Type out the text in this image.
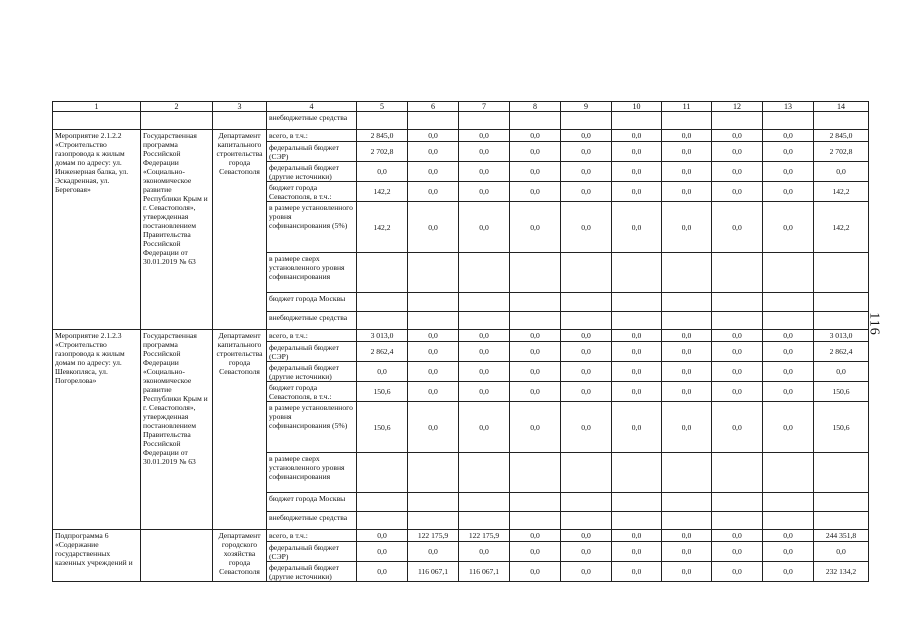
1	2	3	4	5	6	7	8	9	10	11	12	13	14
			внебюджетные средства										
Мероприятие 2.1.2.2 «Строительство газопровода к жилым домам по адресу: ул. Инженерная балка, ул. Эскадренная, ул. Береговая»	Государственная программа Российской Федерации «Социально-экономическое развитие Республики Крым и г. Севастополя», утвержденная постановлением Правительства Российской Федерации от 30.01.2019 № 63	Департамент капитального строительства города Севастополя	всего, в т.ч.:	2 845,0	0,0	0,0	0,0	0,0	0,0	0,0	0,0	0,0	2 845,0
			федеральный бюджет (СЭР)	2 702,8	0,0	0,0	0,0	0,0	0,0	0,0	0,0	0,0	2 702,8
			федеральный бюджет (другие источники)	0,0	0,0	0,0	0,0	0,0	0,0	0,0	0,0	0,0	0,0
			бюджет города Севастополя, в т.ч.:	142,2	0,0	0,0	0,0	0,0	0,0	0,0	0,0	0,0	142,2
			в размере установленного уровня софинансирования (5%)	142,2	0,0	0,0	0,0	0,0	0,0	0,0	0,0	0,0	142,2
			в размере сверх установленного уровня софинансирования										
			бюджет города Москвы										
			внебюджетные средства										
Мероприятие 2.1.2.3 «Строительство газопровода к жилым домам по адресу: ул. Шевкопляса, ул. Погорелова»	Государственная программа Российской Федерации «Социально-экономическое развитие Республики Крым и г. Севастополя», утвержденная постановлением Правительства Российской Федерации от 30.01.2019 № 63	Департамент капитального строительства города Севастополя	всего, в т.ч.:	3 013,0	0,0	0,0	0,0	0,0	0,0	0,0	0,0	0,0	3 013,0
			федеральный бюджет (СЭР)	2 862,4	0,0	0,0	0,0	0,0	0,0	0,0	0,0	0,0	2 862,4
			федеральный бюджет (другие источники)	0,0	0,0	0,0	0,0	0,0	0,0	0,0	0,0	0,0	0,0
			бюджет города Севастополя, в т.ч.:	150,6	0,0	0,0	0,0	0,0	0,0	0,0	0,0	0,0	150,6
			в размере установленного уровня софинансирования (5%)	150,6	0,0	0,0	0,0	0,0	0,0	0,0	0,0	0,0	150,6
			в размере сверх установленного уровня софинансирования										
			бюджет города Москвы										
			внебюджетные средства										
Подпрограмма 6 «Содержание государственных казенных учреждений и		Департамент городского хозяйства города Севастополя	всего, в т.ч.:	0,0	122 175,9	122 175,9	0,0	0,0	0,0	0,0	0,0	0,0	244 351,8
			федеральный бюджет (СЭР)	0,0	0,0	0,0	0,0	0,0	0,0	0,0	0,0	0,0	0,0
			федеральный бюджет (другие источники)	0,0	116 067,1	116 067,1	0,0	0,0	0,0	0,0	0,0	0,0	232 134,2
116
